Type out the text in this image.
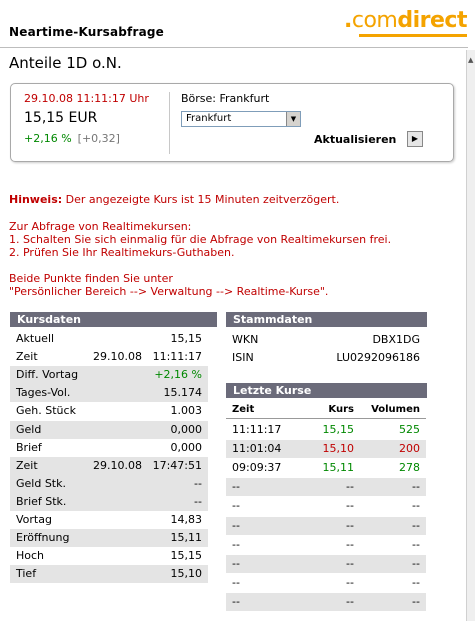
Neartime-Kursabfrage	.comdirect
▲
Anteile 1D o.N.
29.10.08 11:11:17 Uhr
15,15 EUR
+2,16 % [+0,32]
Börse: Frankfurt
Frankfurt	▼
Aktualisieren	▶
Hinweis: Der angezeigte Kurs ist 15 Minuten zeitverzögert.
Zur Abfrage von Realtimekursen:
1. Schalten Sie sich einmalig für die Abfrage von Realtimekursen frei.
2. Prüfen Sie Ihr Realtimekurs-Guthaben.
Beide Punkte finden Sie unter
"Persönlicher Bereich --> Verwaltung --> Realtime-Kurse".
Kursdaten
Aktuell	15,15
Zeit	29.10.08 11:11:17
Diff. Vortag	+2,16 %
Tages-Vol.	15.174
Geh. Stück	1.003
Geld	0,000
Brief	0,000
Zeit	29.10.08 17:47:51
Geld Stk.	--
Brief Stk.	--
Vortag	14,83
Eröffnung	15,11
Hoch	15,15
Tief	15,10
Stammdaten
WKN	DBX1DG
ISIN	LU0292096186
Letzte Kurse
Zeit	Kurs Volumen
11:11:17	15,15	525
11:01:04	15,10	200
09:09:37	15,11	278
--	--	--
--	--	--
--	--	--
--	--	--
--	--	--
--	--	--
--	--	--
